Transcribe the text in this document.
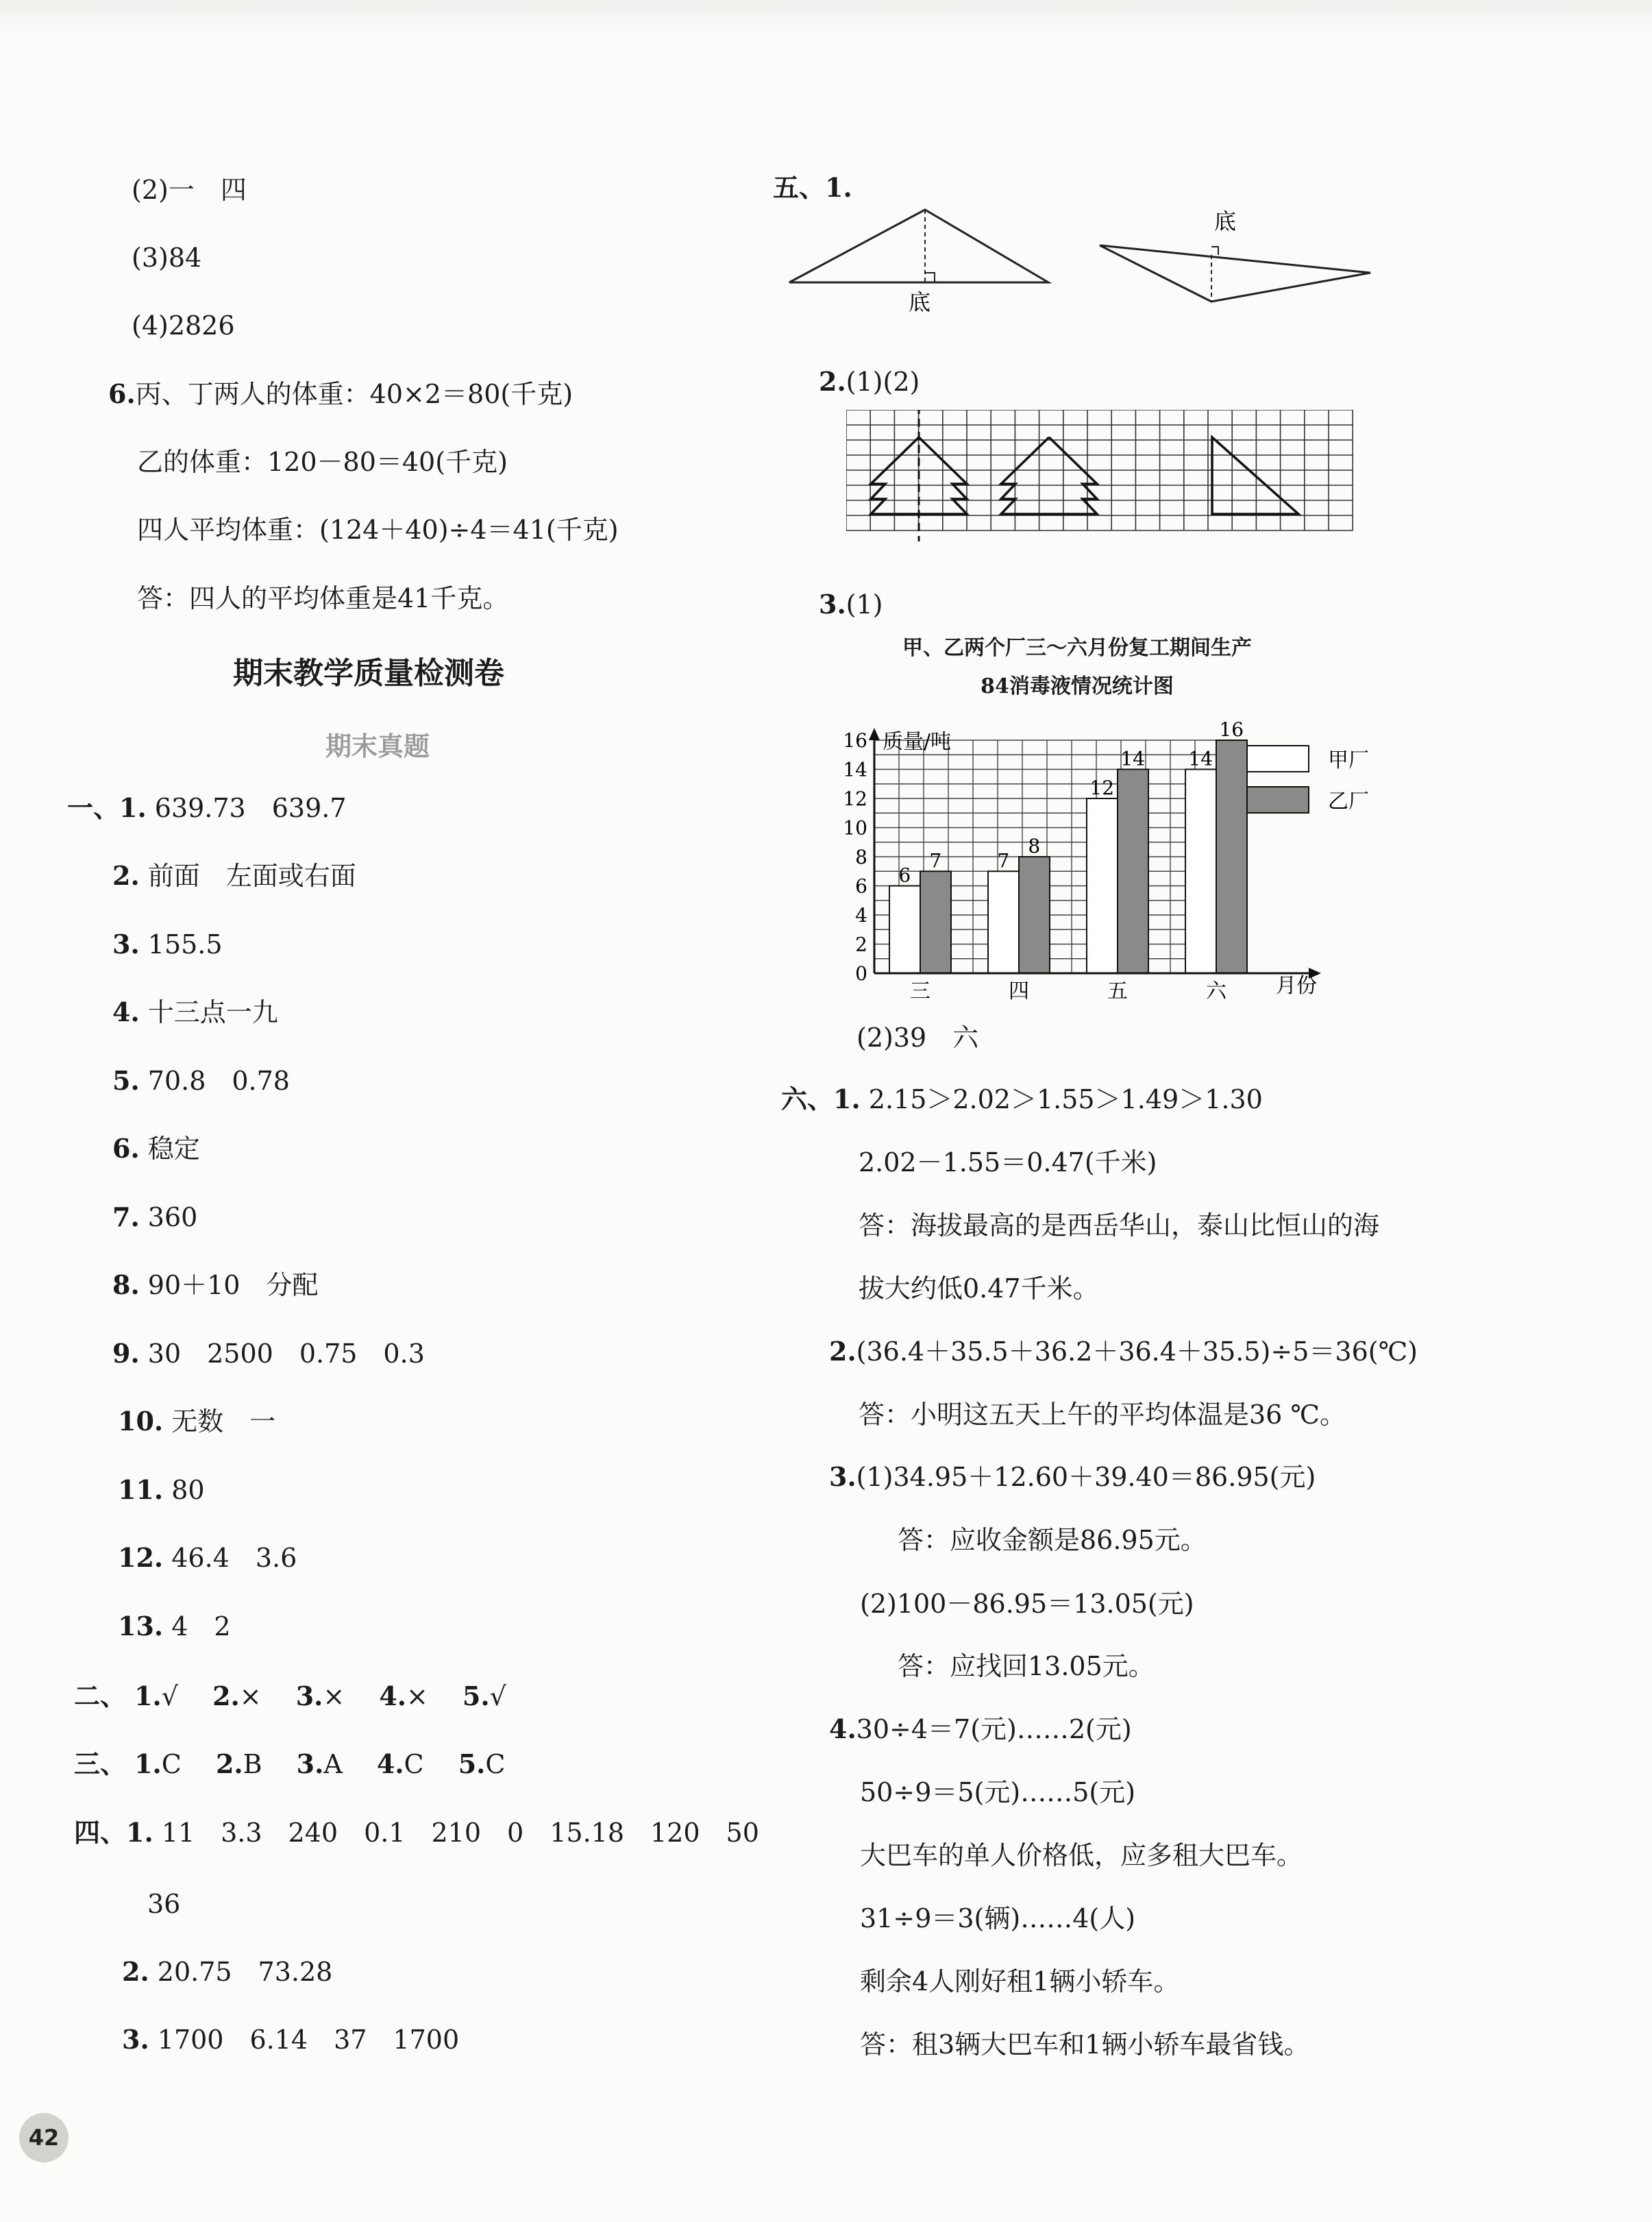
(2)一　四
(3)84
(4)2826
6.丙、丁两人的体重：40×2＝80(千克)
乙的体重：120－80＝40(千克)
四人平均体重：(124＋40)÷4＝41(千克)
答：四人的平均体重是41千克。
期末教学质量检测卷
期末真题
一、1. 639.73　639.7
2. 前面　左面或右面
3. 155.5
4. 十三点一九
5. 70.8　0.78
6. 稳定
7. 360
8. 90＋10　分配
9. 30　2500　0.75　0.3
10. 无数　一
11. 80
12. 46.4　3.6
13. 4　2
二、 1.√　 2.×　 3.×　 4.×　 5.√
三、 1.C　 2.B　 3.A　 4.C　 5.C
四、1. 11　3.3　240　0.1　210　0　15.18　120　50
36
2. 20.75　73.28
3. 1700　6.14　37　1700
五、1.
底
底
2.(1)(2)
3.(1)
甲、乙两个厂三～六月份复工期间生产
84消毒液情况统计图
6
7	7
8
12
14 14
16
0
2
4
6
8
10
12
14
16
三	四	五	六
质量/吨
月份
甲厂
乙厂
(2)39　六
六、1. 2.15＞2.02＞1.55＞1.49＞1.30
2.02－1.55＝0.47(千米)
答：海拔最高的是西岳华山，泰山比恒山的海
拔大约低0.47千米。
2.(36.4＋35.5＋36.2＋36.4＋35.5)÷5＝36(℃)
答：小明这五天上午的平均体温是36 ℃。
3.(1)34.95＋12.60＋39.40＝86.95(元)
答：应收金额是86.95元。
(2)100－86.95＝13.05(元)
答：应找回13.05元。
4.30÷4＝7(元)……2(元)
50÷9＝5(元)……5(元)
大巴车的单人价格低，应多租大巴车。
31÷9＝3(辆)……4(人)
剩余4人刚好租1辆小轿车。
答：租3辆大巴车和1辆小轿车最省钱。
42
